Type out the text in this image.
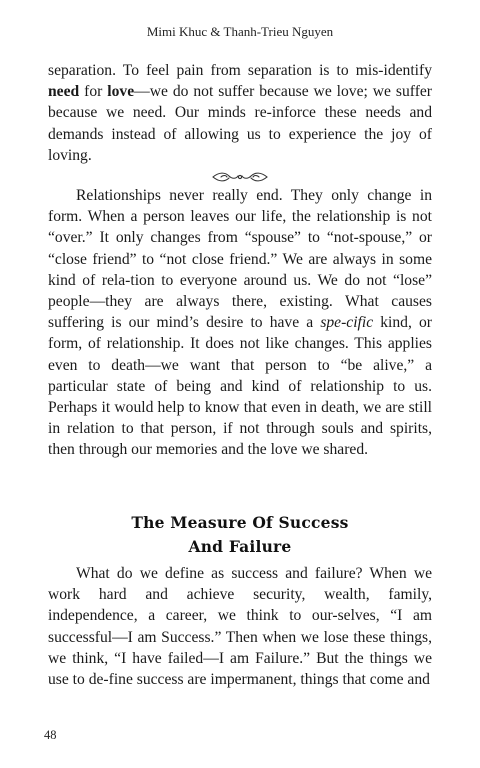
Mimi Khuc & Thanh-Trieu Nguyen

separation. To feel pain from separation is to mis-identify need for love—we do not suffer because we love; we suffer because we need. Our minds re-inforce these needs and demands instead of allowing us to experience the joy of loving.

Relationships never really end. They only change in form. When a person leaves our life, the relationship is not “over.” It only changes from “spouse” to “not-spouse,” or “close friend” to “not close friend.” We are always in some kind of rela-tion to everyone around us. We do not “lose” people—they are always there, existing. What causes suffering is our mind’s desire to have a spe-cific kind, or form, of relationship. It does not like changes. This applies even to death—we want that person to “be alive,” a particular state of being and kind of relationship to us. Perhaps it would help to know that even in death, we are still in relation to that person, if not through souls and spirits, then through our memories and the love we shared.

The Measure Of Success
And Failure

What do we define as success and failure? When we work hard and achieve security, wealth, family, independence, a career, we think to our-selves, “I am successful—I am Success.” Then when we lose these things, we think, “I have failed—I am Failure.” But the things we use to de-fine success are impermanent, things that come and

48
